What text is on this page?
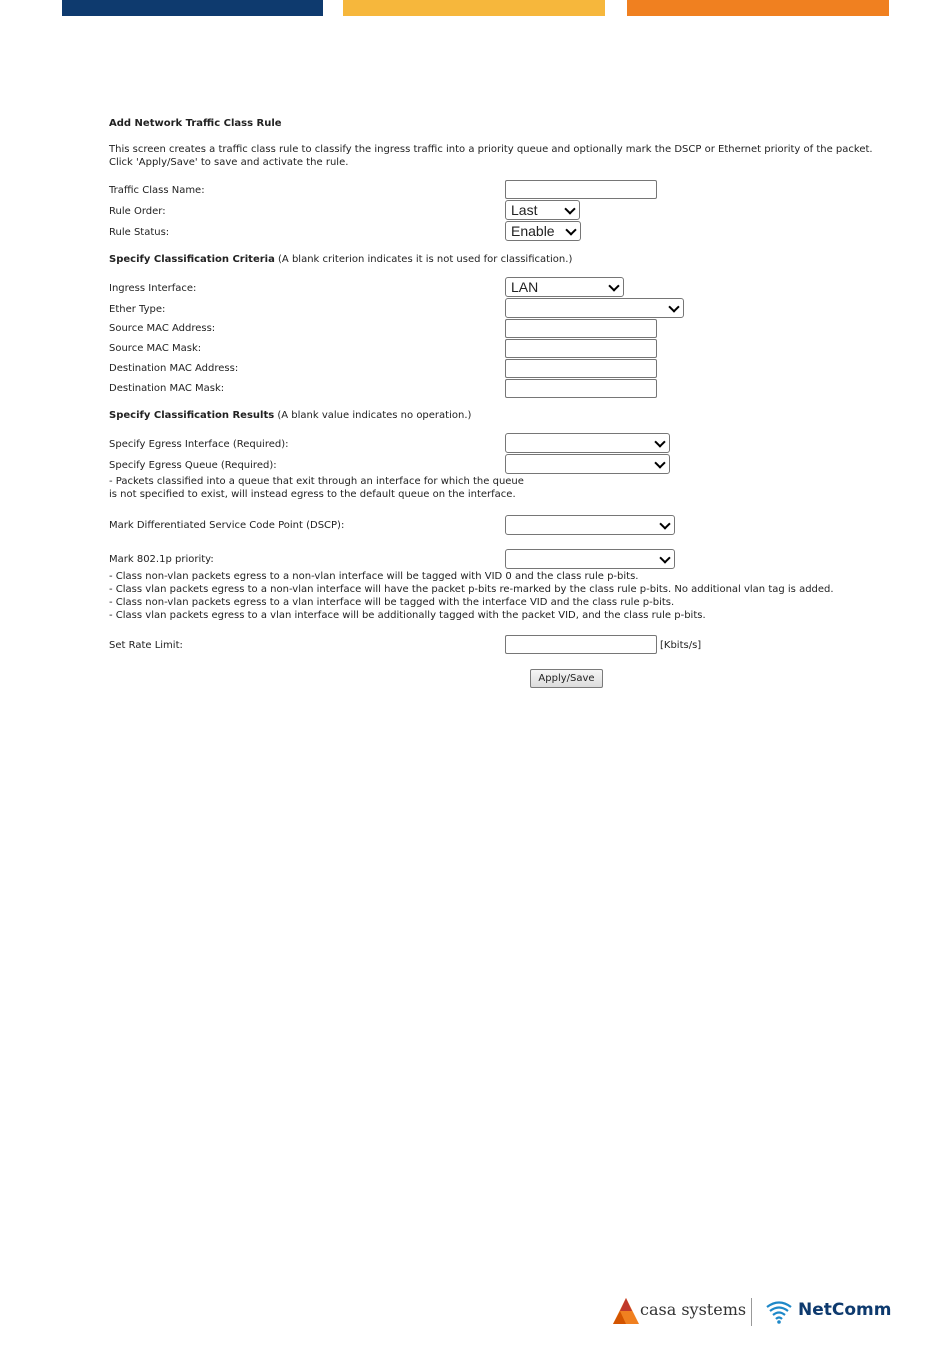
Add Network Traffic Class Rule
This screen creates a traffic class rule to classify the ingress traffic into a priority queue and optionally mark the DSCP or Ethernet priority of the packet.
Click 'Apply/Save' to save and activate the rule.
Traffic Class Name:
Rule Order:	Last
Rule Status:	Enable
Specify Classification Criteria (A blank criterion indicates it is not used for classification.)
Ingress Interface:	LAN
Ether Type:
Source MAC Address:
Source MAC Mask:
Destination MAC Address:
Destination MAC Mask:
Specify Classification Results (A blank value indicates no operation.)
Specify Egress Interface (Required):
Specify Egress Queue (Required):
- Packets classified into a queue that exit through an interface for which the queue
is not specified to exist, will instead egress to the default queue on the interface.
Mark Differentiated Service Code Point (DSCP):
Mark 802.1p priority:
- Class non-vlan packets egress to a non-vlan interface will be tagged with VID 0 and the class rule p-bits.
- Class vlan packets egress to a non-vlan interface will have the packet p-bits re-marked by the class rule p-bits. No additional vlan tag is added.
- Class non-vlan packets egress to a vlan interface will be tagged with the interface VID and the class rule p-bits.
- Class vlan packets egress to a vlan interface will be additionally tagged with the packet VID, and the class rule p-bits.
Set Rate Limit:	[Kbits/s]
Apply/Save
casa systems	NetComm
